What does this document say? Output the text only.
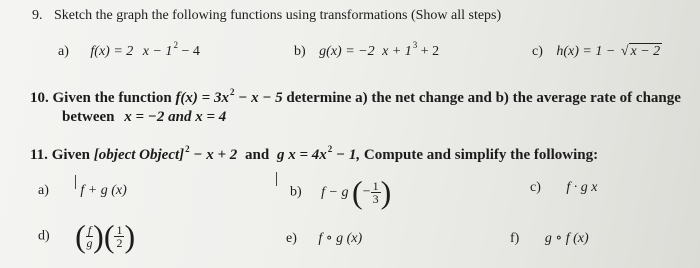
9. Sketch the graph the following functions using transformations (Show all steps)
a) f(x) = 2 $x - 1^2 - 4$	b) g(x) = −2 $x + 1^3 + 2$	c) h(x) = 1 − √ x − 2
10. Given the function $f(x) = 3x^2 - x - 5$ determine a) the net change and b) the average rate of change
between x = −2 and x = 4
11. Given [object Object]$^2$ − x + 2 and g $x = 4x^2 - 1$, Compute and simplify the following:
a) f + g (x)	b) f − g (− $\frac{1}{3}$ )	c) f · g x
d) ( $\frac{f}{g}$ )( $\frac{1}{2}$ )	e) f ∘ g (x)	f) g ∘ f (x)
